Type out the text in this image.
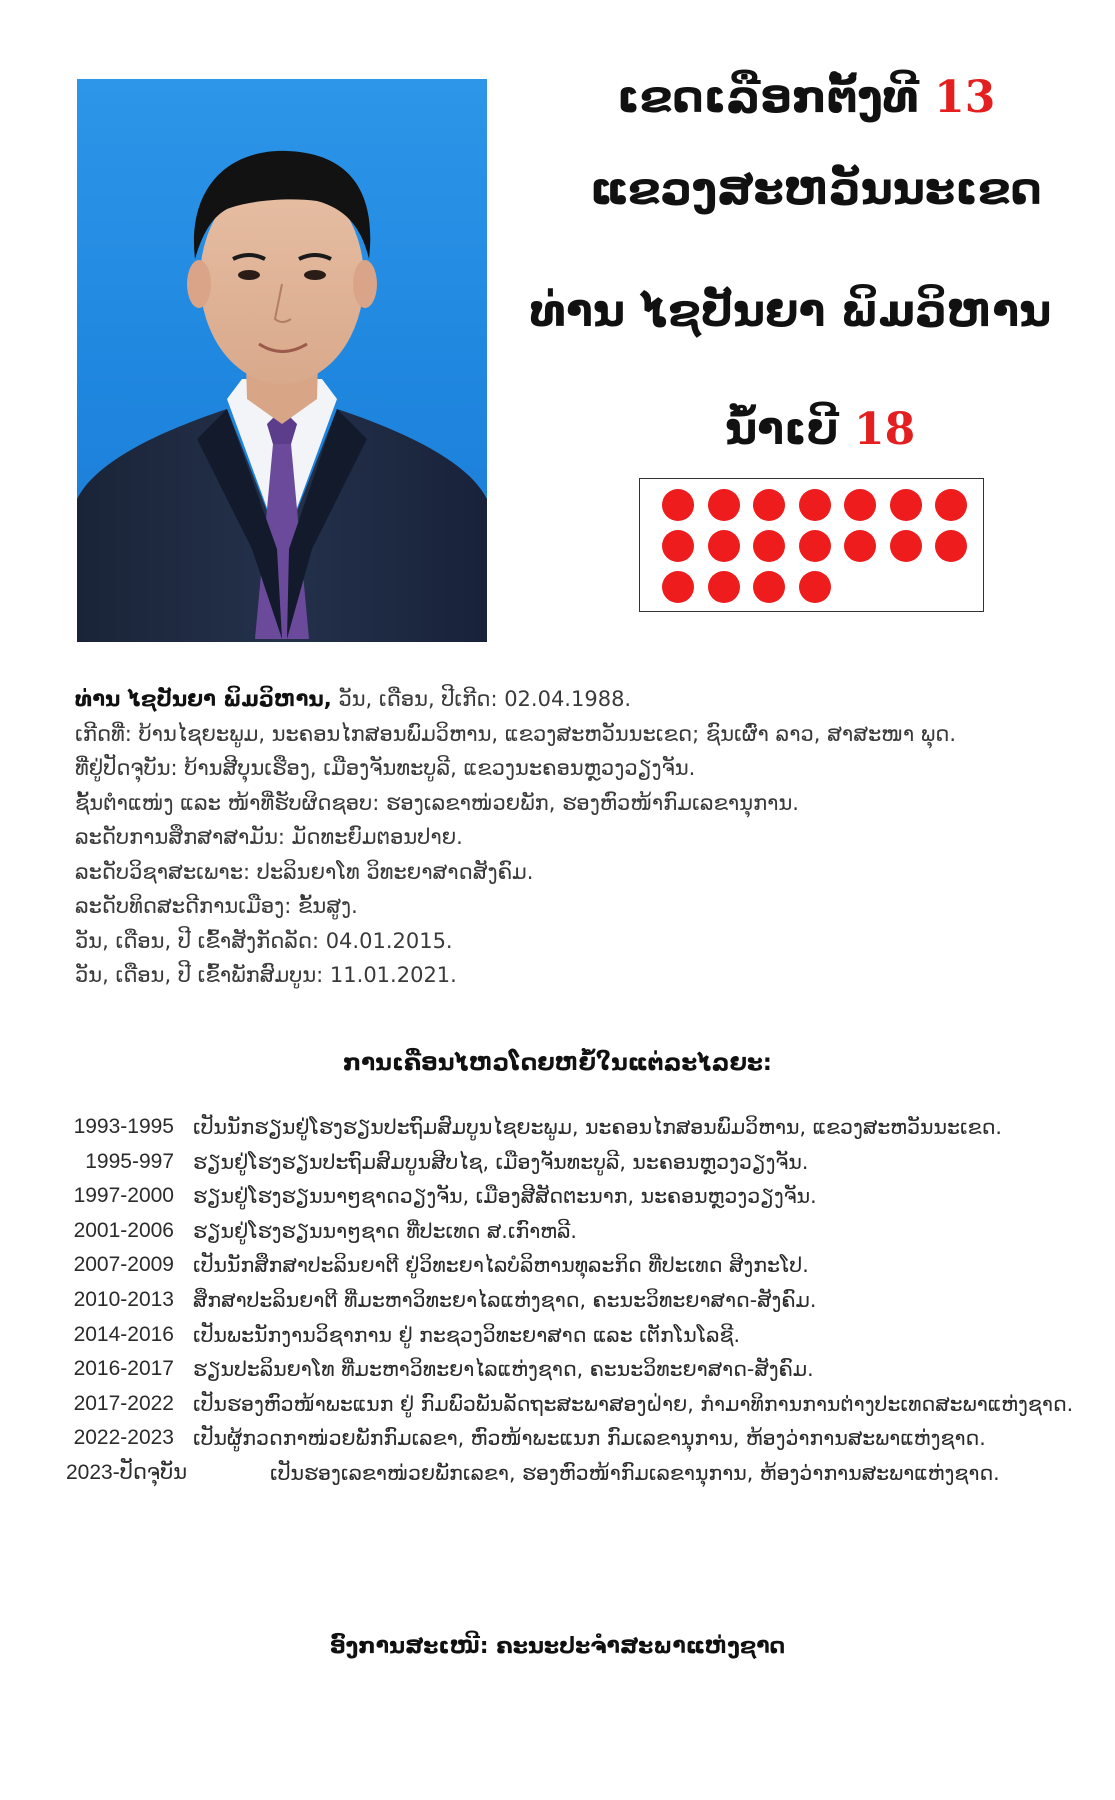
ເຂດເລືອກຕັ້ງທີ 13
ແຂວງສະຫວັນນະເຂດ
ທ່ານ ໄຊປັນຍາ ພິມວິຫານ
ນ້ຳເບີ 18
ທ່ານ ໄຊປັນຍາ ພິມວິຫານ, ວັນ, ເດືອນ, ປີເກີດ: 02.04.1988.
ເກີດທີ່: ບ້ານໄຊຍະພູມ, ນະຄອນໄກສອນພົມວິຫານ, ແຂວງສະຫວັນນະເຂດ; ຊົນເຜົ່າ ລາວ, ສາສະໜາ ພຸດ.
ທີ່ຢູ່ປັດຈຸບັນ: ບ້ານສີບຸນເຮືອງ, ເມືອງຈັນທະບູລີ, ແຂວງນະຄອນຫຼວງວຽງຈັນ.
ຊັ້ນຕຳແໜ່ງ ແລະ ໜ້າທີ່ຮັບຜິດຊອບ: ຮອງເລຂາໜ່ວຍພັກ, ຮອງຫົວໜ້າກົມເລຂານຸການ.
ລະດັບການສຶກສາສາມັນ: ມັດທະຍົມຕອນປາຍ.
ລະດັບວິຊາສະເພາະ: ປະລິນຍາໂທ ວິທະຍາສາດສັງຄົມ.
ລະດັບທິດສະດີການເມືອງ: ຂັ້ນສູງ.
ວັນ, ເດືອນ, ປີ ເຂົ້າສັງກັດລັດ: 04.01.2015.
ວັນ, ເດືອນ, ປີ ເຂົ້າພັກສົມບູນ: 11.01.2021.
ການເຄື່ອນໄຫວໂດຍຫຍໍ້ໃນແຕ່ລະໄລຍະ:
1993-1995 ເປັນນັກຮຽນຢູ່ໂຮງຮຽນປະຖົມສົມບູນໄຊຍະພູມ, ນະຄອນໄກສອນພົມວິຫານ, ແຂວງສະຫວັນນະເຂດ.
1995-997 ຮຽນຢູ່ໂຮງຮຽນປະຖົມສົມບູນສີບໄຊ, ເມືອງຈັນທະບູລີ, ນະຄອນຫຼວງວຽງຈັນ.
1997-2000 ຮຽນຢູ່ໂຮງຮຽນນາໆຊາດວຽງຈັນ, ເມືອງສີສັດຕະນາກ, ນະຄອນຫຼວງວຽງຈັນ.
2001-2006 ຮຽນຢູ່ໂຮງຮຽນນາໆຊາດ ທີ່ປະເທດ ສ.ເກົາຫລີ.
2007-2009 ເປັນນັກສຶກສາປະລິນຍາຕີ ຢູ່ວິທະຍາໄລບໍລິຫານທຸລະກິດ ທີ່ປະເທດ ສິງກະໂປ.
2010-2013 ສຶກສາປະລິນຍາຕີ ທີ່ມະຫາວິທະຍາໄລແຫ່ງຊາດ, ຄະນະວິທະຍາສາດ-ສັງຄົມ.
2014-2016 ເປັນພະນັກງານວິຊາການ ຢູ່ ກະຊວງວິທະຍາສາດ ແລະ ເຕັກໂນໂລຊີ.
2016-2017 ຮຽນປະລິນຍາໂທ ທີ່ມະຫາວິທະຍາໄລແຫ່ງຊາດ, ຄະນະວິທະຍາສາດ-ສັງຄົມ.
2017-2022 ເປັນຮອງຫົວໜ້າພະແນກ ຢູ່ ກົມພົວພັນລັດຖະສະພາສອງຝ່າຍ, ກຳມາທິການການຕ່າງປະເທດສະພາແຫ່ງຊາດ.
2022-2023 ເປັນຜູ້ກວດກາໜ່ວຍພັກກົມເລຂາ, ຫົວໜ້າພະແນກ ກົມເລຂານຸການ, ຫ້ອງວ່າການສະພາແຫ່ງຊາດ.
2023-ປັດຈຸບັນ	ເປັນຮອງເລຂາໜ່ວຍພັກເລຂາ, ຮອງຫົວໜ້າກົມເລຂານຸການ, ຫ້ອງວ່າການສະພາແຫ່ງຊາດ.
ອົງການສະເໜີ: ຄະນະປະຈຳສະພາແຫ່ງຊາດ
